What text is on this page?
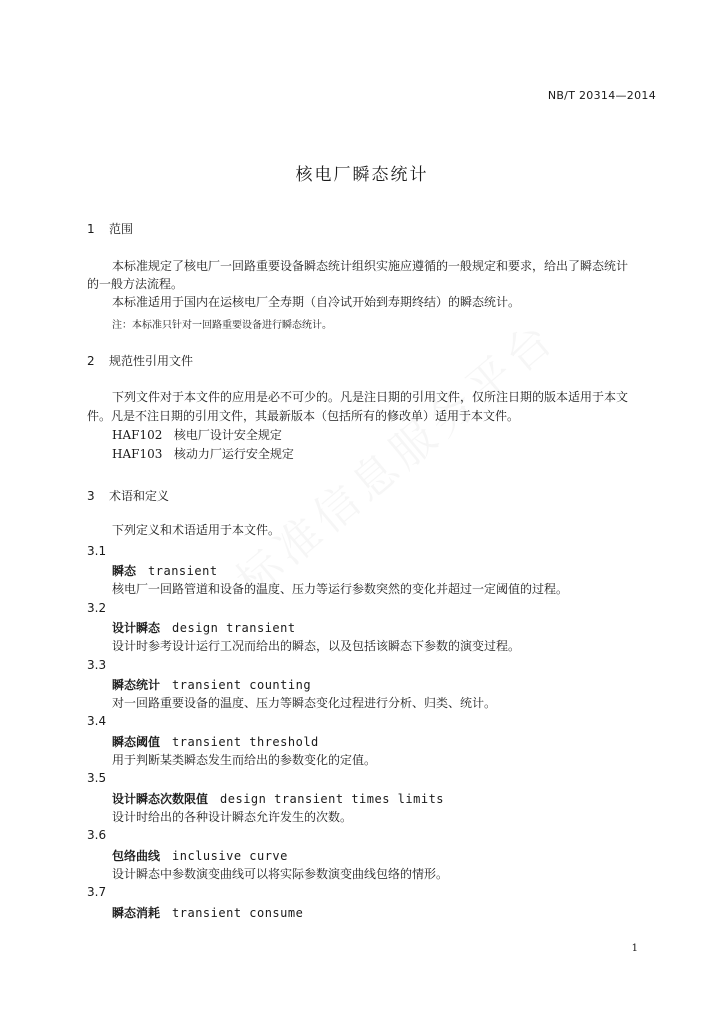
NB/T 20314—2014
核电厂瞬态统计
1 范围
本标准规定了核电厂一回路重要设备瞬态统计组织实施应遵循的一般规定和要求，给出了瞬态统计
的一般方法流程。
本标准适用于国内在运核电厂全寿期（自冷试开始到寿期终结）的瞬态统计。
注：本标准只针对一回路重要设备进行瞬态统计。
2 规范性引用文件
下列文件对于本文件的应用是必不可少的。凡是注日期的引用文件，仅所注日期的版本适用于本文
件。凡是不注日期的引用文件，其最新版本（包括所有的修改单）适用于本文件。
HAF102 核电厂设计安全规定
HAF103 核动力厂运行安全规定
3 术语和定义
下列定义和术语适用于本文件。
3.1
瞬态 transient
核电厂一回路管道和设备的温度、压力等运行参数突然的变化并超过一定阈值的过程。
3.2
设计瞬态 design transient
设计时参考设计运行工况而给出的瞬态，以及包括该瞬态下参数的演变过程。
3.3
瞬态统计 transient counting
对一回路重要设备的温度、压力等瞬态变化过程进行分析、归类、统计。
3.4
瞬态阈值 transient threshold
用于判断某类瞬态发生而给出的参数变化的定值。
3.5
设计瞬态次数限值 design transient times limits
设计时给出的各种设计瞬态允许发生的次数。
3.6
包络曲线 inclusive curve
设计瞬态中参数演变曲线可以将实际参数演变曲线包络的情形。
3.7
瞬态消耗 transient consume
1
